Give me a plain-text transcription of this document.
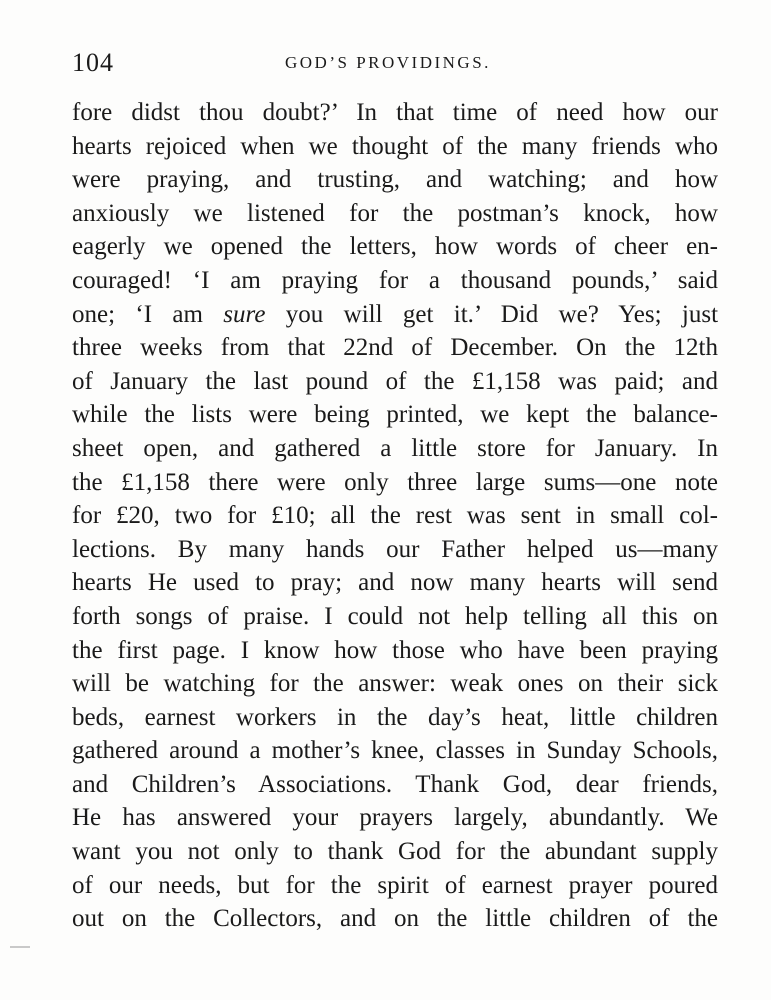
104	GOD’S PROVIDINGS.
fore didst thou doubt?’ In that time of need how our
hearts rejoiced when we thought of the many friends who
were praying, and trusting, and watching; and how
anxiously we listened for the postman’s knock, how
eagerly we opened the letters, how words of cheer en-
couraged! ‘I am praying for a thousand pounds,’ said
one; ‘I am sure you will get it.’ Did we? Yes; just
three weeks from that 22nd of December. On the 12th
of January the last pound of the £1,158 was paid; and
while the lists were being printed, we kept the balance-
sheet open, and gathered a little store for January. In
the £1,158 there were only three large sums—one note
for £20, two for £10; all the rest was sent in small col-
lections. By many hands our Father helped us—many
hearts He used to pray; and now many hearts will send
forth songs of praise. I could not help telling all this on
the first page. I know how those who have been praying
will be watching for the answer: weak ones on their sick
beds, earnest workers in the day’s heat, little children
gathered around a mother’s knee, classes in Sunday Schools,
and Children’s Associations. Thank God, dear friends,
He has answered your prayers largely, abundantly. We
want you not only to thank God for the abundant supply
of our needs, but for the spirit of earnest prayer poured
out on the Collectors, and on the little children of the
